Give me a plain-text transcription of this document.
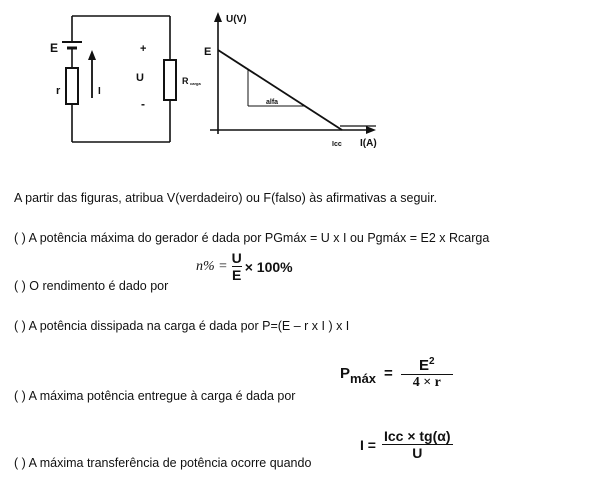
E
r	I
+
U
-
R carga
U(V)
E
alfa
Icc I(A)
A partir das figuras, atribua V(verdadeiro) ou F(falso) às afirmativas a seguir.
( ) A potência máxima do gerador é dada por PGmáx = U x I ou Pgmáx = E2 x Rcarga
( ) O rendimento é dado por
$n\% = \frac{U}{E} \times 100\%$
( ) A potência dissipada na carga é dada por P=(E – r x I ) x I
( ) A máxima potência entregue à carga é dada por
P máx = $\frac{E^2}{4 \times r}$
( ) A máxima transferência de potência ocorre quando
$I = \frac{\text{Icc × tg(α)}}{U}$
